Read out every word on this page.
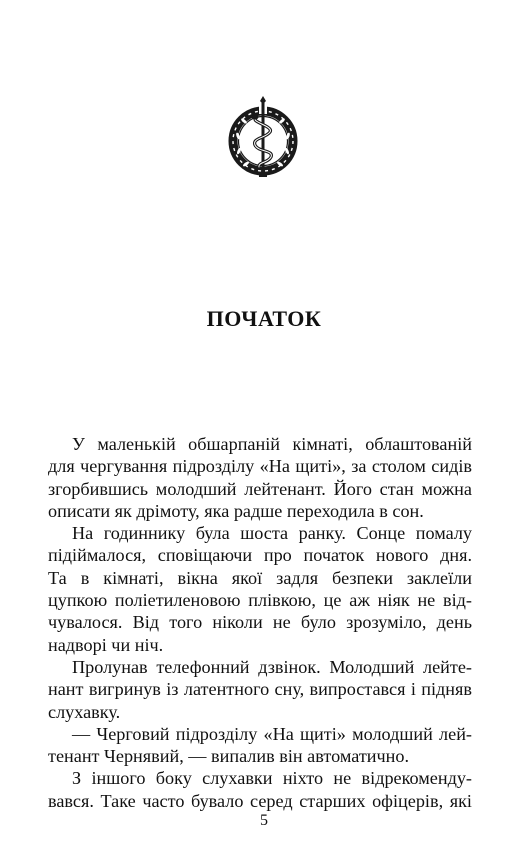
ПОЧАТОК
У маленькій обшарпаній кімнаті, облаштованій
для чергування підрозділу «На щиті», за столом сидів
згорбившись молодший лейтенант. Його стан можна
описати як дрімоту, яка радше переходила в сон.
На годиннику була шоста ранку. Сонце помалу
підіймалося, сповіщаючи про початок нового дня.
Та в кімнаті, вікна якої задля безпеки заклеїли
цупкою поліетиленовою плівкою, це аж ніяк не від-
чувалося. Від того ніколи не було зрозуміло, день
надворі чи ніч.
Пролунав телефонний дзвінок. Молодший лейте-
нант вигринув із латентного сну, випростався і підняв
слухавку.
— Черговий підрозділу «На щиті» молодший лей-
тенант Чернявий, — випалив він автоматично.
З іншого боку слухавки ніхто не відрекоменду-
вався. Таке часто бувало серед старших офіцерів, які
5
